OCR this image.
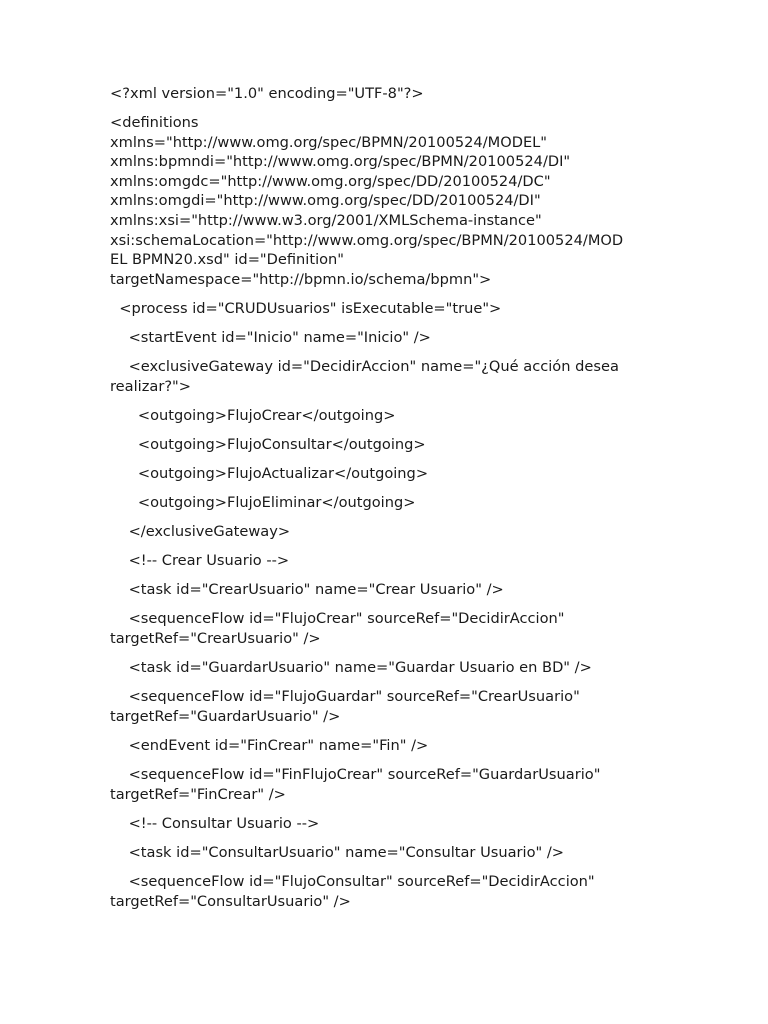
<?xml version="1.0" encoding="UTF-8"?>

<definitions
xmlns="http://www.omg.org/spec/BPMN/20100524/MODEL"
xmlns:bpmndi="http://www.omg.org/spec/BPMN/20100524/DI"
xmlns:omgdc="http://www.omg.org/spec/DD/20100524/DC"
xmlns:omgdi="http://www.omg.org/spec/DD/20100524/DI"
xmlns:xsi="http://www.w3.org/2001/XMLSchema-instance"
xsi:schemaLocation="http://www.omg.org/spec/BPMN/20100524/MOD
EL BPMN20.xsd" id="Definition"
targetNamespace="http://bpmn.io/schema/bpmn">

<process id="CRUDUsuarios" isExecutable="true">

<startEvent id="Inicio" name="Inicio" />

<exclusiveGateway id="DecidirAccion" name="¿Qué acción desea
realizar?">

<outgoing>FlujoCrear</outgoing>

<outgoing>FlujoConsultar</outgoing>

<outgoing>FlujoActualizar</outgoing>

<outgoing>FlujoEliminar</outgoing>

</exclusiveGateway>

<!-- Crear Usuario -->

<task id="CrearUsuario" name="Crear Usuario" />

<sequenceFlow id="FlujoCrear" sourceRef="DecidirAccion"
targetRef="CrearUsuario" />

<task id="GuardarUsuario" name="Guardar Usuario en BD" />

<sequenceFlow id="FlujoGuardar" sourceRef="CrearUsuario"
targetRef="GuardarUsuario" />

<endEvent id="FinCrear" name="Fin" />

<sequenceFlow id="FinFlujoCrear" sourceRef="GuardarUsuario"
targetRef="FinCrear" />

<!-- Consultar Usuario -->

<task id="ConsultarUsuario" name="Consultar Usuario" />

<sequenceFlow id="FlujoConsultar" sourceRef="DecidirAccion"
targetRef="ConsultarUsuario" />
